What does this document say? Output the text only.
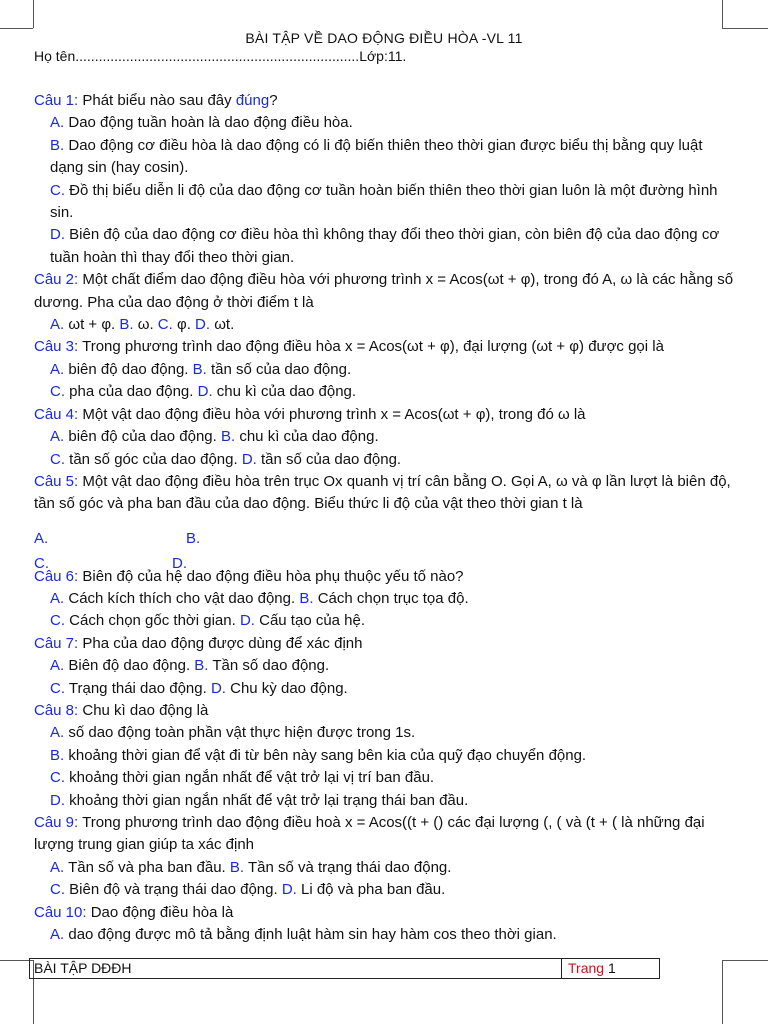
BÀI TẬP VỀ DAO ĐỘNG ĐIỀU HÒA -VL 11
Họ tên.........................................................................Lớp:11.

Câu 1: Phát biểu nào sau đây đúng?

A. Dao động tuần hoàn là dao động điều hòa.

B. Dao động cơ điều hòa là dao động có li độ biến thiên theo thời gian được biểu thị bằng quy luật dạng sin (hay cosin).

C. Đồ thị biểu diễn li độ của dao động cơ tuần hoàn biến thiên theo thời gian luôn là một đường hình sin.

D. Biên độ của dao động cơ điều hòa thì không thay đổi theo thời gian, còn biên độ của dao động cơ tuần hoàn thì thay đổi theo thời gian.

Câu 2: Một chất điểm dao động điều hòa với phương trình x = Acos(ωt + φ), trong đó A, ω là các hằng số dương. Pha của dao động ở thời điểm t là

A. ωt + φ. B. ω. C. φ. D. ωt.

Câu 3: Trong phương trình dao động điều hòa x = Acos(ωt + φ), đại lượng (ωt + φ) được gọi là

A. biên độ dao động. B. tần số của dao động.

C. pha của dao động. D. chu kì của dao động.

Câu 4: Một vật dao động điều hòa với phương trình x = Acos(ωt + φ), trong đó ω là

A. biên độ của dao động. B. chu kì của dao động.

C. tần số góc của dao động. D. tần số của dao động.

Câu 5: Một vật dao động điều hòa trên trục Ox quanh vị trí cân bằng O. Gọi A, ω và φ lần lượt là biên độ, tần số góc và pha ban đầu của dao động. Biểu thức li độ của vật theo thời gian t là

A.	B.

C.	D.

Câu 6: Biên độ của hệ dao động điều hòa phụ thuộc yếu tố nào?

A. Cách kích thích cho vật dao động. B. Cách chọn trục tọa độ.

C. Cách chọn gốc thời gian. D. Cấu tạo của hệ.

Câu 7: Pha của dao động được dùng để xác định

A. Biên độ dao động. B. Tần số dao động.

C. Trạng thái dao động. D. Chu kỳ dao động.

Câu 8: Chu kì dao động là

A. số dao động toàn phần vật thực hiện được trong 1s.

B. khoảng thời gian để vật đi từ bên này sang bên kia của quỹ đạo chuyển động.

C. khoảng thời gian ngắn nhất để vật trở lại vị trí ban đầu.

D. khoảng thời gian ngắn nhất để vật trở lại trạng thái ban đầu.

Câu 9: Trong phương trình dao động điều hoà x = Acos((t + () các đại lượng (, ( và (t + ( là những đại lượng trung gian giúp ta xác định

A. Tần số và pha ban đầu. B. Tần số và trạng thái dao động.

C. Biên độ và trạng thái dao động. D. Li độ và pha ban đầu.

Câu 10: Dao động điều hòa là

A. dao động được mô tả bằng định luật hàm sin hay hàm cos theo thời gian.

BÀI TẬP DĐĐH	Trang 1
